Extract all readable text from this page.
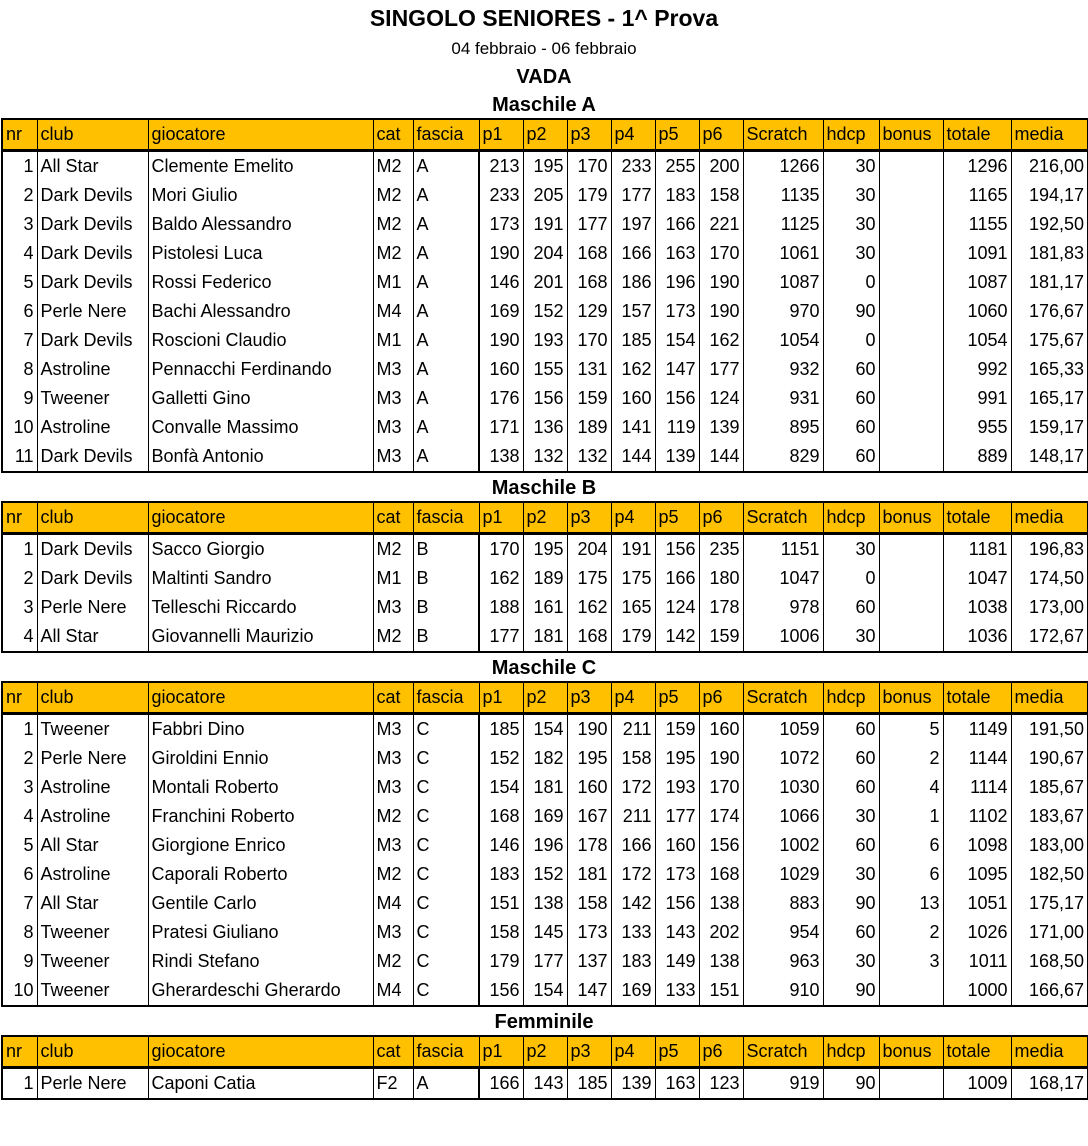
SINGOLO SENIORES - 1^ Prova
04 febbraio - 06 febbraio
VADA
Maschile A
nr	club	giocatore	cat	fascia	p1	p2	p3	p4	p5	p6	Scratch	hdcp	bonus	totale	media
1	All Star	Clemente Emelito	M2	A	213	195	170	233	255	200	1266	30		1296	216,00
2	Dark Devils	Mori Giulio	M2	A	233	205	179	177	183	158	1135	30		1165	194,17
3	Dark Devils	Baldo Alessandro	M2	A	173	191	177	197	166	221	1125	30		1155	192,50
4	Dark Devils	Pistolesi Luca	M2	A	190	204	168	166	163	170	1061	30		1091	181,83
5	Dark Devils	Rossi Federico	M1	A	146	201	168	186	196	190	1087	0		1087	181,17
6	Perle Nere	Bachi Alessandro	M4	A	169	152	129	157	173	190	970	90		1060	176,67
7	Dark Devils	Roscioni Claudio	M1	A	190	193	170	185	154	162	1054	0		1054	175,67
8	Astroline	Pennacchi Ferdinando	M3	A	160	155	131	162	147	177	932	60		992	165,33
9	Tweener	Galletti Gino	M3	A	176	156	159	160	156	124	931	60		991	165,17
10	Astroline	Convalle Massimo	M3	A	171	136	189	141	119	139	895	60		955	159,17
11	Dark Devils	Bonfà Antonio	M3	A	138	132	132	144	139	144	829	60		889	148,17
Maschile B
nr	club	giocatore	cat	fascia	p1	p2	p3	p4	p5	p6	Scratch	hdcp	bonus	totale	media
1	Dark Devils	Sacco Giorgio	M2	B	170	195	204	191	156	235	1151	30		1181	196,83
2	Dark Devils	Maltinti Sandro	M1	B	162	189	175	175	166	180	1047	0		1047	174,50
3	Perle Nere	Telleschi Riccardo	M3	B	188	161	162	165	124	178	978	60		1038	173,00
4	All Star	Giovannelli Maurizio	M2	B	177	181	168	179	142	159	1006	30		1036	172,67
Maschile C
nr	club	giocatore	cat	fascia	p1	p2	p3	p4	p5	p6	Scratch	hdcp	bonus	totale	media
1	Tweener	Fabbri Dino	M3	C	185	154	190	211	159	160	1059	60	5	1149	191,50
2	Perle Nere	Giroldini Ennio	M3	C	152	182	195	158	195	190	1072	60	2	1144	190,67
3	Astroline	Montali Roberto	M3	C	154	181	160	172	193	170	1030	60	4	1114	185,67
4	Astroline	Franchini Roberto	M2	C	168	169	167	211	177	174	1066	30	1	1102	183,67
5	All Star	Giorgione Enrico	M3	C	146	196	178	166	160	156	1002	60	6	1098	183,00
6	Astroline	Caporali Roberto	M2	C	183	152	181	172	173	168	1029	30	6	1095	182,50
7	All Star	Gentile Carlo	M4	C	151	138	158	142	156	138	883	90	13	1051	175,17
8	Tweener	Pratesi Giuliano	M3	C	158	145	173	133	143	202	954	60	2	1026	171,00
9	Tweener	Rindi Stefano	M2	C	179	177	137	183	149	138	963	30	3	1011	168,50
10	Tweener	Gherardeschi Gherardo	M4	C	156	154	147	169	133	151	910	90		1000	166,67
Femminile
nr	club	giocatore	cat	fascia	p1	p2	p3	p4	p5	p6	Scratch	hdcp	bonus	totale	media
1	Perle Nere	Caponi Catia	F2	A	166	143	185	139	163	123	919	90		1009	168,17
